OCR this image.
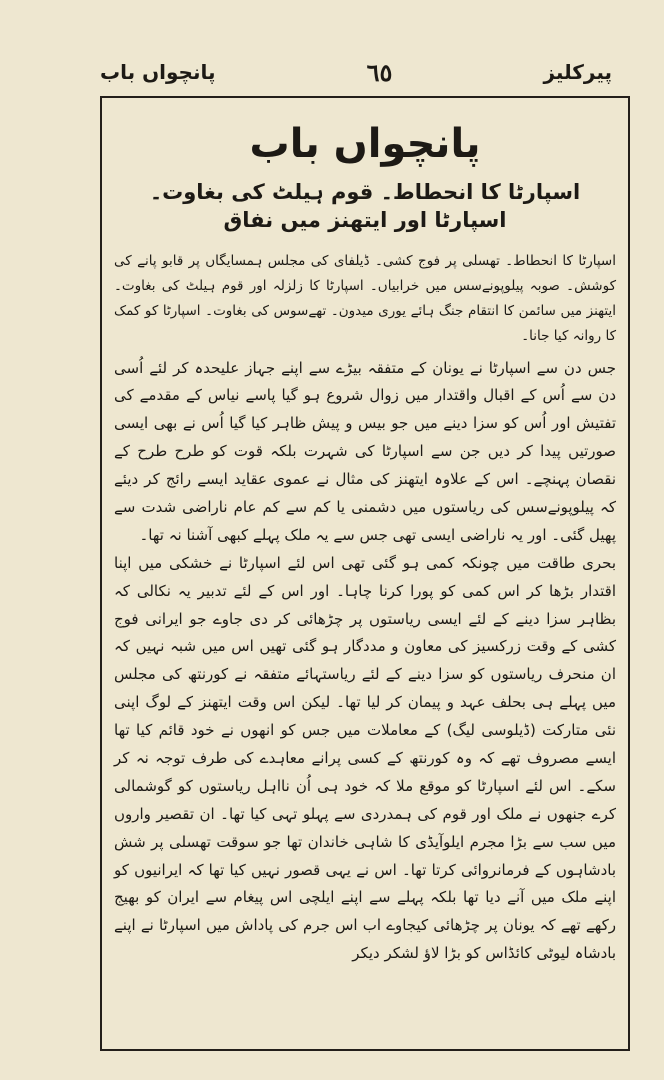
پیرکلیز
٦٥
پانچواں باب
پانچواں باب
اسپارٹا کا انحطاط۔ قوم ہیلٹ کی بغاوت۔ اسپارٹا اور ایتھنز میں نفاق

اسپارٹا کا انحطاط۔ تھسلی پر فوج کشی۔ ڈیلفای کی مجلس ہمسایگاں پر قابو پانے کی کوشش۔ صوبہ پیلوپونےسس میں خرابیاں۔ اسپارٹا کا زلزلہ اور قوم ہیلٹ کی بغاوت۔ ایتھنز میں سائمن کا انتقام جنگ ہائے یوری میدون۔ تھےسوس کی بغاوت۔ اسپارٹا کو کمک کا روانہ کیا جانا۔

جس دن سے اسپارٹا نے یونان کے متفقہ بیڑے سے اپنے جہاز علیحدہ کر لئے اُسی دن سے اُس کے اقبال واقتدار میں زوال شروع ہو گیا پاسے نیاس کے مقدمے کی تفتیش اور اُس کو سزا دینے میں جو بیس و پیش ظاہر کیا گیا اُس نے بھی ایسی صورتیں پیدا کر دیں جن سے اسپارٹا کی شہرت بلکہ قوت کو طرح طرح کے نقصان پہنچے۔ اس کے علاوہ ایتھنز کی مثال نے عموی عقاید ایسے رائج کر دیئے کہ پیلوپونےسس کی ریاستوں میں دشمنی یا کم سے کم عام ناراضی شدت سے پھیل گئی۔ اور یہ ناراضی ایسی تھی جس سے یہ ملک پہلے کبھی آشنا نہ تھا۔

بحری طاقت میں چونکہ کمی ہو گئی تھی اس لئے اسپارٹا نے خشکی میں اپنا اقتدار بڑھا کر اس کمی کو پورا کرنا چاہا۔ اور اس کے لئے تدبیر یہ نکالی کہ بظاہر سزا دینے کے لئے ایسی ریاستوں پر چڑھائی کر دی جاوے جو ایرانی فوج کشی کے وقت زرکسیز کی معاون و مددگار ہو گئی تھیں اس میں شبہ نہیں کہ ان منحرف ریاستوں کو سزا دینے کے لئے ریاستہائے متفقہ نے کورنتھ کی مجلس میں پہلے ہی بحلف عہد و پیمان کر لیا تھا۔ لیکن اس وقت ایتھنز کے لوگ اپنی نئی متارکت (ڈیلوسی لیگ) کے معاملات میں جس کو انھوں نے خود قائم کیا تھا ایسے مصروف تھے کہ وہ کورنتھ کے کسی پرانے معاہدے کی طرف توجہ نہ کر سکے۔ اس لئے اسپارٹا کو موقع ملا کہ خود ہی اُن نااہل ریاستوں کو گوشمالی کرے جنھوں نے ملک اور قوم کی ہمدردی سے پہلو تہی کیا تھا۔ ان تقصیر واروں میں سب سے بڑا مجرم ایلوآیڈی کا شاہی خاندان تھا جو سوقت تھسلی پر شش بادشاہوں کے فرمانروائی کرتا تھا۔ اس نے یہی قصور نہیں کیا تھا کہ ایرانیوں کو اپنے ملک میں آنے دیا تھا بلکہ پہلے سے اپنے ایلچی اس پیغام سے ایران کو بھیج رکھے تھے کہ یونان پر چڑھائی کیجاوے اب اس جرم کی پاداش میں اسپارٹا نے اپنے بادشاہ لیوٹی کائڈاس کو بڑا لاؤ لشکر دیکر
